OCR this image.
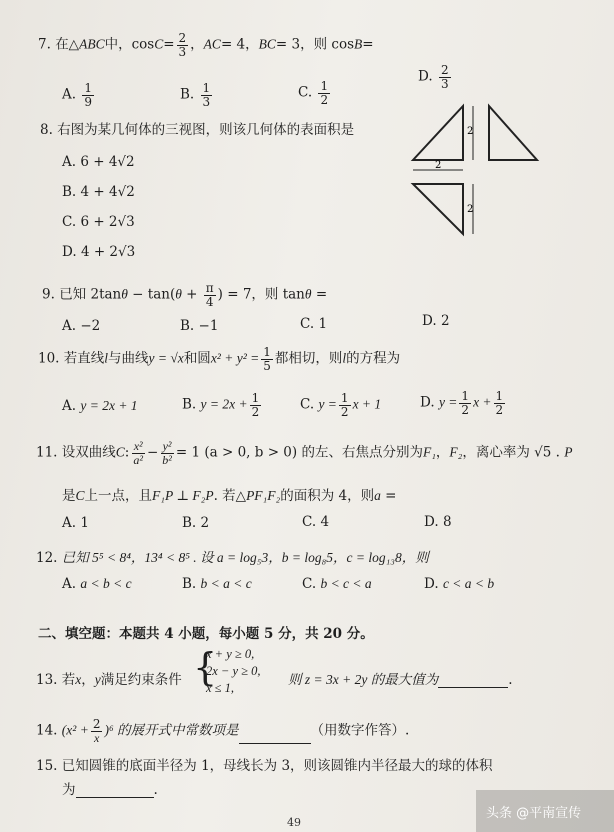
7. 在△ABC中，$\cos C= \frac{2}{3}$ ，AC= 4，BC= 3，则 cosB=
A. $\frac{1}{9}$	B. $\frac{1}{3}$	C. $\frac{1}{2}$
D. $\frac{2}{3}$
8. 右图为某几何体的三视图，则该几何体的表面积是
A. 6 + 4√2
B. 4 + 4√2
C. 6 + 2√3
D. 4 + 2√3
2
2
2
9. 已知 $2\tan\theta - \tan(\theta + \frac{\pi}{4}$ ) = 7，则 tanθ =
A. −2	B. −1	C. 1	D. 2
10. 若直线l与曲线y = √x和圆$x^2 + y^2 = \frac{1}{5}$ 都相切，则l的方程为
A. y = 2x + 1	B. $y = 2x + \frac{1}{2}$	C. $y = \frac{1}{2}$ x + 1	D. $y = \frac{1}{2}$ $x + \frac{1}{2}$
11. 设双曲线C: $\frac{\text{x²}}{\text{a²}} - \frac{\text{y²}}{\text{b²}} = 1$ (a > 0, b > 0) 的左、右焦点分别为F₁，F₂，离心率为 √5 . P
是C上一点，且F₁P ⊥ F₂P. 若△PF₁F₂的面积为 4，则a =
A. 1	B. 2	C. 4	D. 8
12. 已知 5⁵ < 8⁴，13⁴ < 8⁵ . 设 a = log₅3，b = log₈5，c = log₁₃8，则
A. a < b < c	B. b < a < c	C. b < c < a	D. c < a < b
二、填空题：本题共 4 小题，每小题 5 分，共 20 分。
13. 若x，y满足约束条件 {
x + y ≥ 0,
2x − y ≥ 0,
x ≤ 1,
则 z = 3x + 2y 的最大值为	.
14. $(x^2 + \frac{2}{x} )^6$ 的展开式中常数项是	（用数字作答）.
15. 已知圆锥的底面半径为 1，母线长为 3，则该圆锥内半径最大的球的体积
为	.
49
头条 @平南宣传
